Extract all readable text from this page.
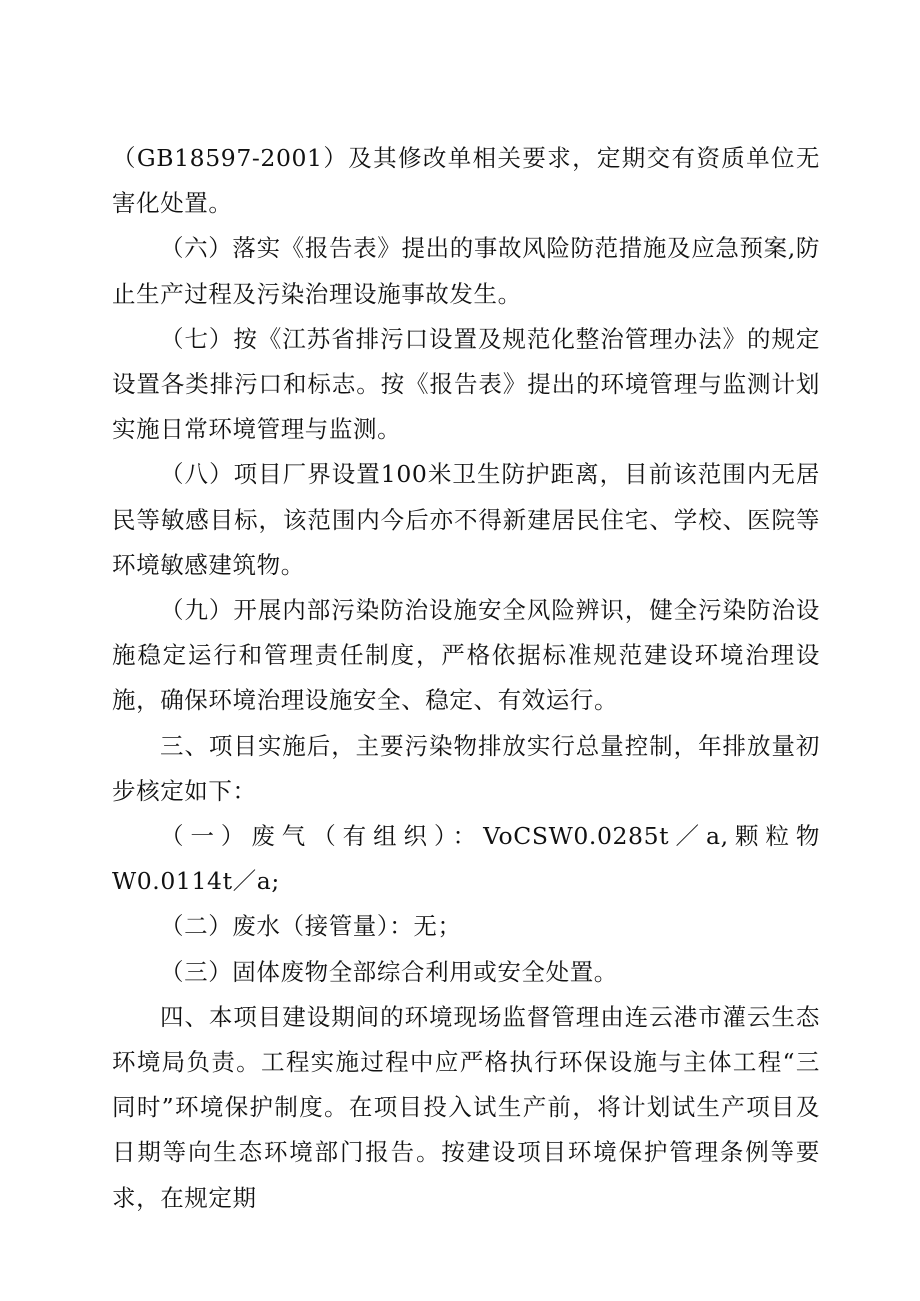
（GB18597-2001）及其修改单相关要求，定期交有资质单位无害化处置。

（六）落实《报告表》提出的事故风险防范措施及应急预案,防止生产过程及污染治理设施事故发生。

（七）按《江苏省排污口设置及规范化整治管理办法》的规定设置各类排污口和标志。按《报告表》提出的环境管理与监测计划实施日常环境管理与监测。

（八）项目厂界设置100米卫生防护距离，目前该范围内无居民等敏感目标，该范围内今后亦不得新建居民住宅、学校、医院等环境敏感建筑物。

（九）开展内部污染防治设施安全风险辨识，健全污染防治设施稳定运行和管理责任制度，严格依据标准规范建设环境治理设施，确保环境治理设施安全、稳定、有效运行。

三、项目实施后，主要污染物排放实行总量控制，年排放量初步核定如下：

（一）废气（有组织）：VoCSW0.0285t／a,颗粒物W0.0114t／a;

（二）废水（接管量）：无；

（三）固体废物全部综合利用或安全处置。

四、本项目建设期间的环境现场监督管理由连云港市灌云生态环境局负责。工程实施过程中应严格执行环保设施与主体工程“三同时”环境保护制度。在项目投入试生产前，将计划试生产项目及日期等向生态环境部门报告。按建设项目环境保护管理条例等要求，在规定期
